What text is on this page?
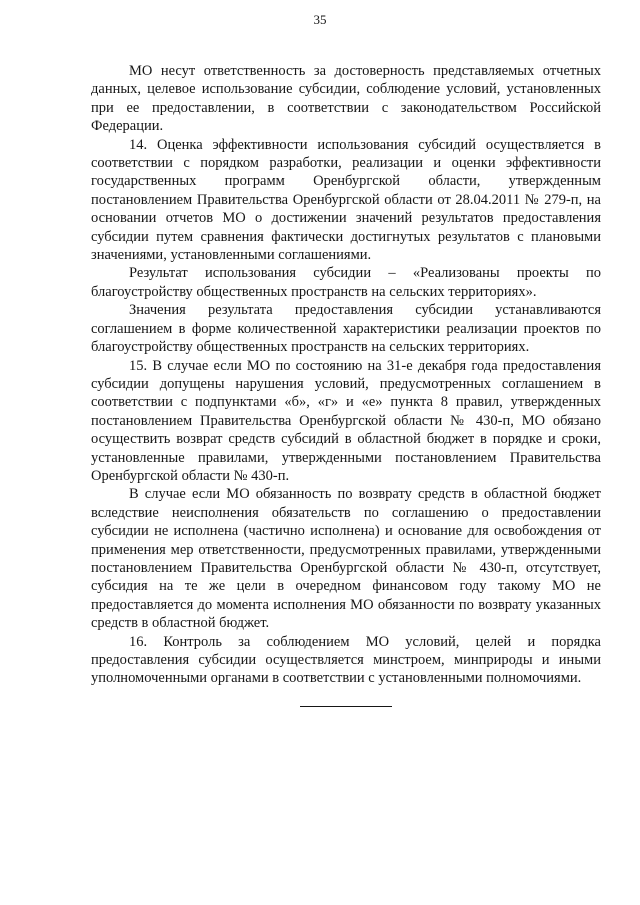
35

МО несут ответственность за достоверность представляемых отчетных данных, целевое использование субсидии, соблюдение условий, установленных при ее предоставлении, в соответствии с законодательством Российской Федерации.

14. Оценка эффективности использования субсидий осуществляется в соответствии с порядком разработки, реализации и оценки эффективности государственных программ Оренбургской области, утвержденным постановлением Правительства Оренбургской области от 28.04.2011 № 279-п, на основании отчетов МО о достижении значений результатов предоставления субсидии путем сравнения фактически достигнутых результатов с плановыми значениями, установленными соглашениями.

Результат использования субсидии – «Реализованы проекты по благоустройству общественных пространств на сельских территориях».

Значения результата предоставления субсидии устанавливаются соглашением в форме количественной характеристики реализации проектов по благоустройству общественных пространств на сельских территориях.

15. В случае если МО по состоянию на 31-е декабря года предоставления субсидии допущены нарушения условий, предусмотренных соглашением в соответствии с подпунктами «б», «г» и «е» пункта 8 правил, утвержденных постановлением Правительства Оренбургской области № 430-п, МО обязано осуществить возврат средств субсидий в областной бюджет в порядке и сроки, установленные правилами, утвержденными постановлением Правительства Оренбургской области № 430-п.

В случае если МО обязанность по возврату средств в областной бюджет вследствие неисполнения обязательств по соглашению о предоставлении субсидии не исполнена (частично исполнена) и основание для освобождения от применения мер ответственности, предусмотренных правилами, утвержденными постановлением Правительства Оренбургской области № 430-п, отсутствует, субсидия на те же цели в очередном финансовом году такому МО не предоставляется до момента исполнения МО обязанности по возврату указанных средств в областной бюджет.

16. Контроль за соблюдением МО условий, целей и порядка предоставления субсидии осуществляется минстроем, минприроды и иными уполномоченными органами в соответствии с установленными полномочиями.
